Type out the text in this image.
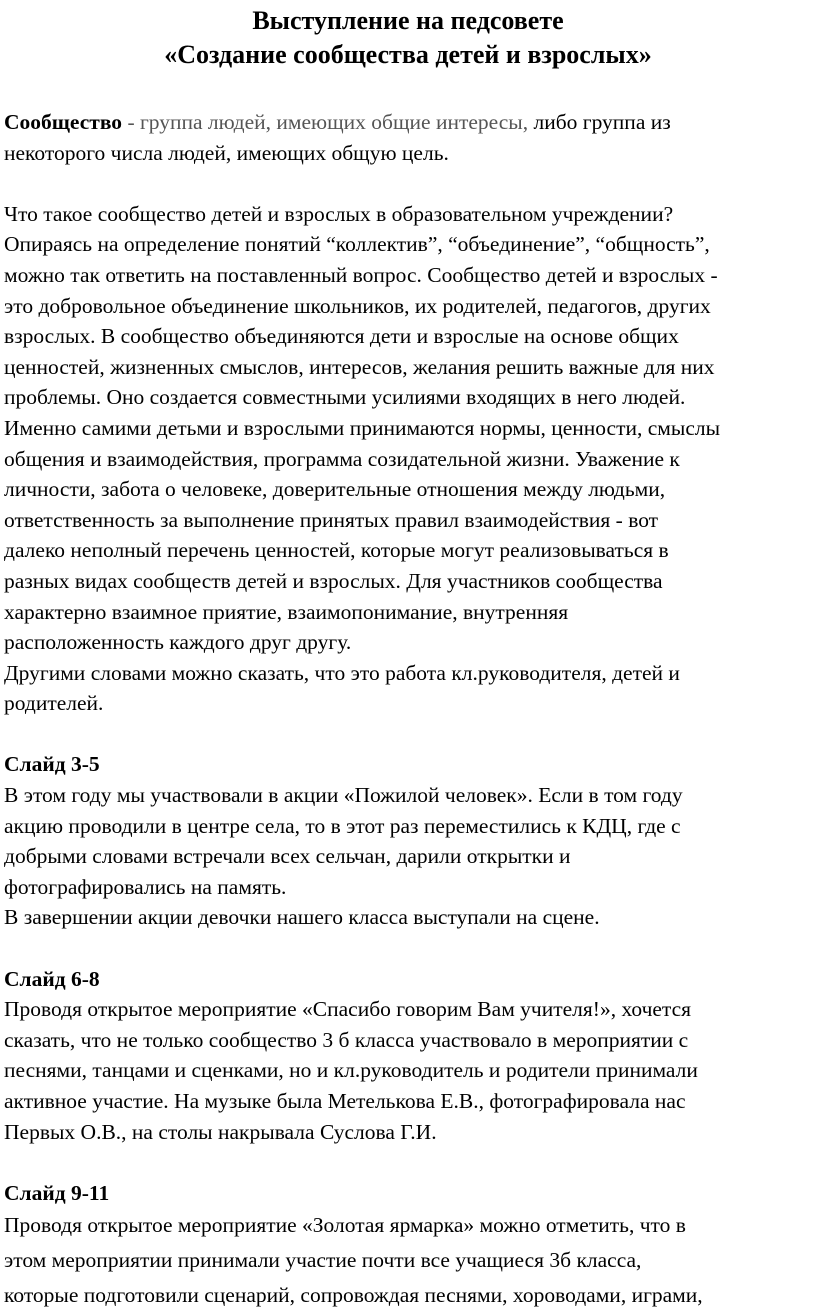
Выступление на педсовете
«Создание сообщества детей и взрослых»

Сообщество - группа людей, имеющих общие интересы, либо группа из
некоторого числа людей, имеющих общую цель.

Что такое сообщество детей и взрослых в образовательном учреждении?
Опираясь на определение понятий “коллектив”, “объединение”, “общность”,
можно так ответить на поставленный вопрос. Сообщество детей и взрослых -
это добровольное объединение школьников, их родителей, педагогов, других
взрослых. В сообщество объединяются дети и взрослые на основе общих
ценностей, жизненных смыслов, интересов, желания решить важные для них
проблемы. Оно создается совместными усилиями входящих в него людей.
Именно самими детьми и взрослыми принимаются нормы, ценности, смыслы
общения и взаимодействия, программа созидательной жизни. Уважение к
личности, забота о человеке, доверительные отношения между людьми,
ответственность за выполнение принятых правил взаимодействия - вот
далеко неполный перечень ценностей, которые могут реализовываться в
разных видах сообществ детей и взрослых. Для участников сообщества
характерно взаимное приятие, взаимопонимание, внутренняя
расположенность каждого друг другу.
Другими словами можно сказать, что это работа кл.руководителя, детей и
родителей.

Слайд 3-5

В этом году мы участвовали в акции «Пожилой человек». Если в том году
акцию проводили в центре села, то в этот раз переместились к КДЦ, где с
добрыми словами встречали всех сельчан, дарили открытки и
фотографировались на память.
В завершении акции девочки нашего класса выступали на сцене.

Слайд 6-8

Проводя открытое мероприятие «Спасибо говорим Вам учителя!», хочется
сказать, что не только сообщество 3 б класса участвовало в мероприятии с
песнями, танцами и сценками, но и кл.руководитель и родители принимали
активное участие. На музыке была Метелькова Е.В., фотографировала нас
Первых О.В., на столы накрывала Суслова Г.И.

Слайд 9-11

Проводя открытое мероприятие «Золотая ярмарка» можно отметить, что в
этом мероприятии принимали участие почти все учащиеся 3б класса,
которые подготовили сценарий, сопровождая песнями, хороводами, играми,
